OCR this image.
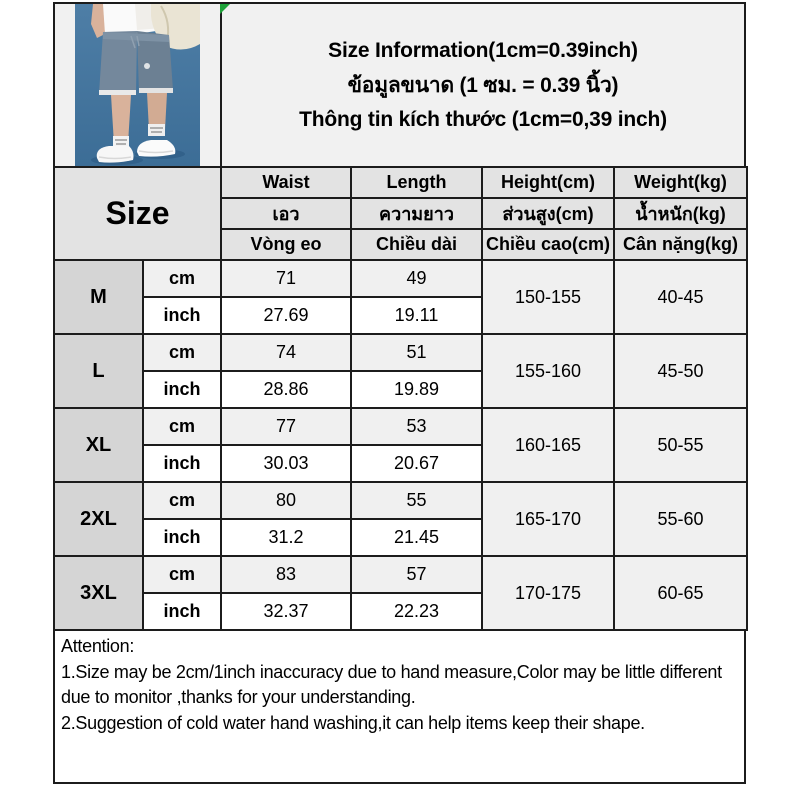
Size Information(1cm=0.39inch)
ข้อมูลขนาด (1 ซม. = 0.39 นิ้ว)
Thông tin kích thước (1cm=0,39 inch)
Size		Waist	Length	Height(cm)	Weight(kg)
		เอว	ความยาว	ส่วนสูง(cm)	น้ำหนัก(kg)
		Vòng eo	Chiều dài	Chiều cao(cm)	Cân nặng(kg)
M	cm	71	49	150-155	40-45
	inch	27.69	19.11		
L	cm	74	51	155-160	45-50
	inch	28.86	19.89		
XL	cm	77	53	160-165	50-55
	inch	30.03	20.67		
2XL	cm	80	55	165-170	55-60
	inch	31.2	21.45		
3XL	cm	83	57	170-175	60-65
	inch	32.37	22.23		

Attention:

1.Size may be 2cm/1inch inaccuracy due to hand measure,Color may be little different due to monitor ,thanks for your understanding.

2.Suggestion of cold water hand washing,it can help items keep their shape.
